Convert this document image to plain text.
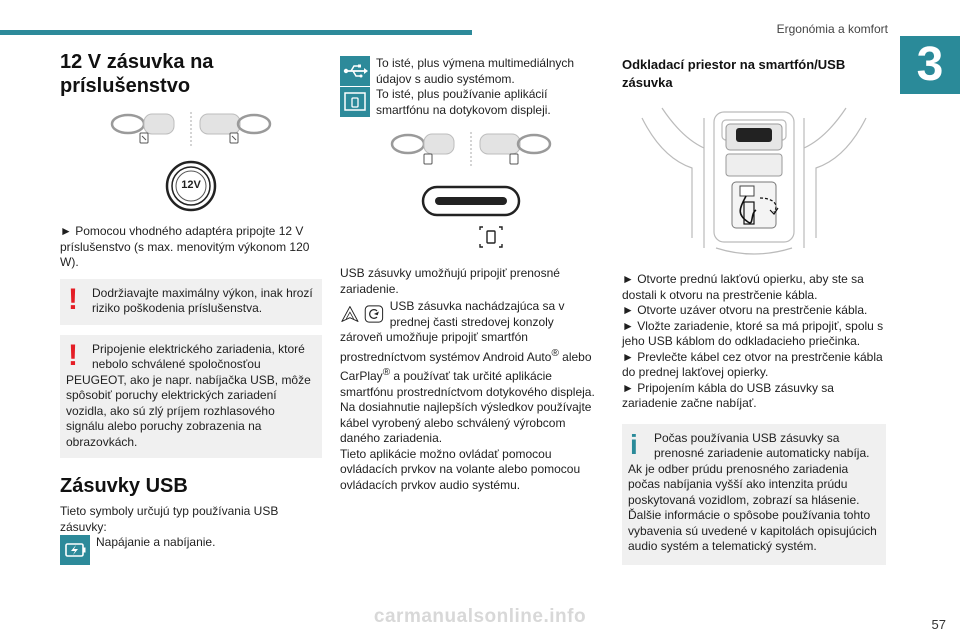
Ergonómia a komfort
3
12 V zásuvka na príslušenstvo
12V

► Pomocou vhodného adaptéra pripojte 12 V príslušenstvo (s max. menovitým výkonom 120 W).

!	Dodržiavajte maximálny výkon, inak hrozí riziko poškodenia príslušenstva.
!	Pripojenie elektrického zariadenia, ktoré nebolo schválené spoločnosťou
PEUGEOT, ako je napr. nabíjačka USB, môže spôsobiť poruchy elektrických zariadení vozidla, ako sú zlý príjem rozhlasového signálu alebo poruchy zobrazenia na obrazovkách.
Zásuvky USB

Tieto symboly určujú typ používania USB zásuvky:

Napájanie a nabíjanie.

To isté, plus výmena multimediálnych údajov s audio systémom.

To isté, plus používanie aplikácií smartfónu na dotykovom displeji.

USB zásuvky umožňujú pripojiť prenosné zariadenie.

USB zásuvka nachádzajúca sa v prednej časti stredovej konzoly

zároveň umožňuje pripojiť smartfón prostredníctvom systémov Android Auto® alebo CarPlay® a používať tak určité aplikácie smartfónu prostredníctvom dotykového displeja.

Na dosiahnutie najlepších výsledkov používajte kábel vyrobený alebo schválený výrobcom daného zariadenia.

Tieto aplikácie možno ovládať pomocou ovládacích prvkov na volante alebo pomocou ovládacích prvkov audio systému.

Odkladací priestor na smartfón/USB zásuvka

► Otvorte prednú lakťovú opierku, aby ste sa dostali k otvoru na prestrčenie kábla.

► Otvorte uzáver otvoru na prestrčenie kábla.

► Vložte zariadenie, ktoré sa má pripojiť, spolu s jeho USB káblom do odkladacieho priečinka.

► Prevlečte kábel cez otvor na prestrčenie kábla do prednej lakťovej opierky.

► Pripojením kábla do USB zásuvky sa zariadenie začne nabíjať.

i	Počas používania USB zásuvky sa prenosné zariadenie automaticky nabíja.
Ak je odber prúdu prenosného zariadenia počas nabíjania vyšší ako intenzita prúdu poskytovaná vozidlom, zobrazí sa hlásenie. Ďalšie informácie o spôsobe používania tohto vybavenia sú uvedené v kapitolách opisujúcich audio systém a telematický systém.
carmanualsonline.info	57
